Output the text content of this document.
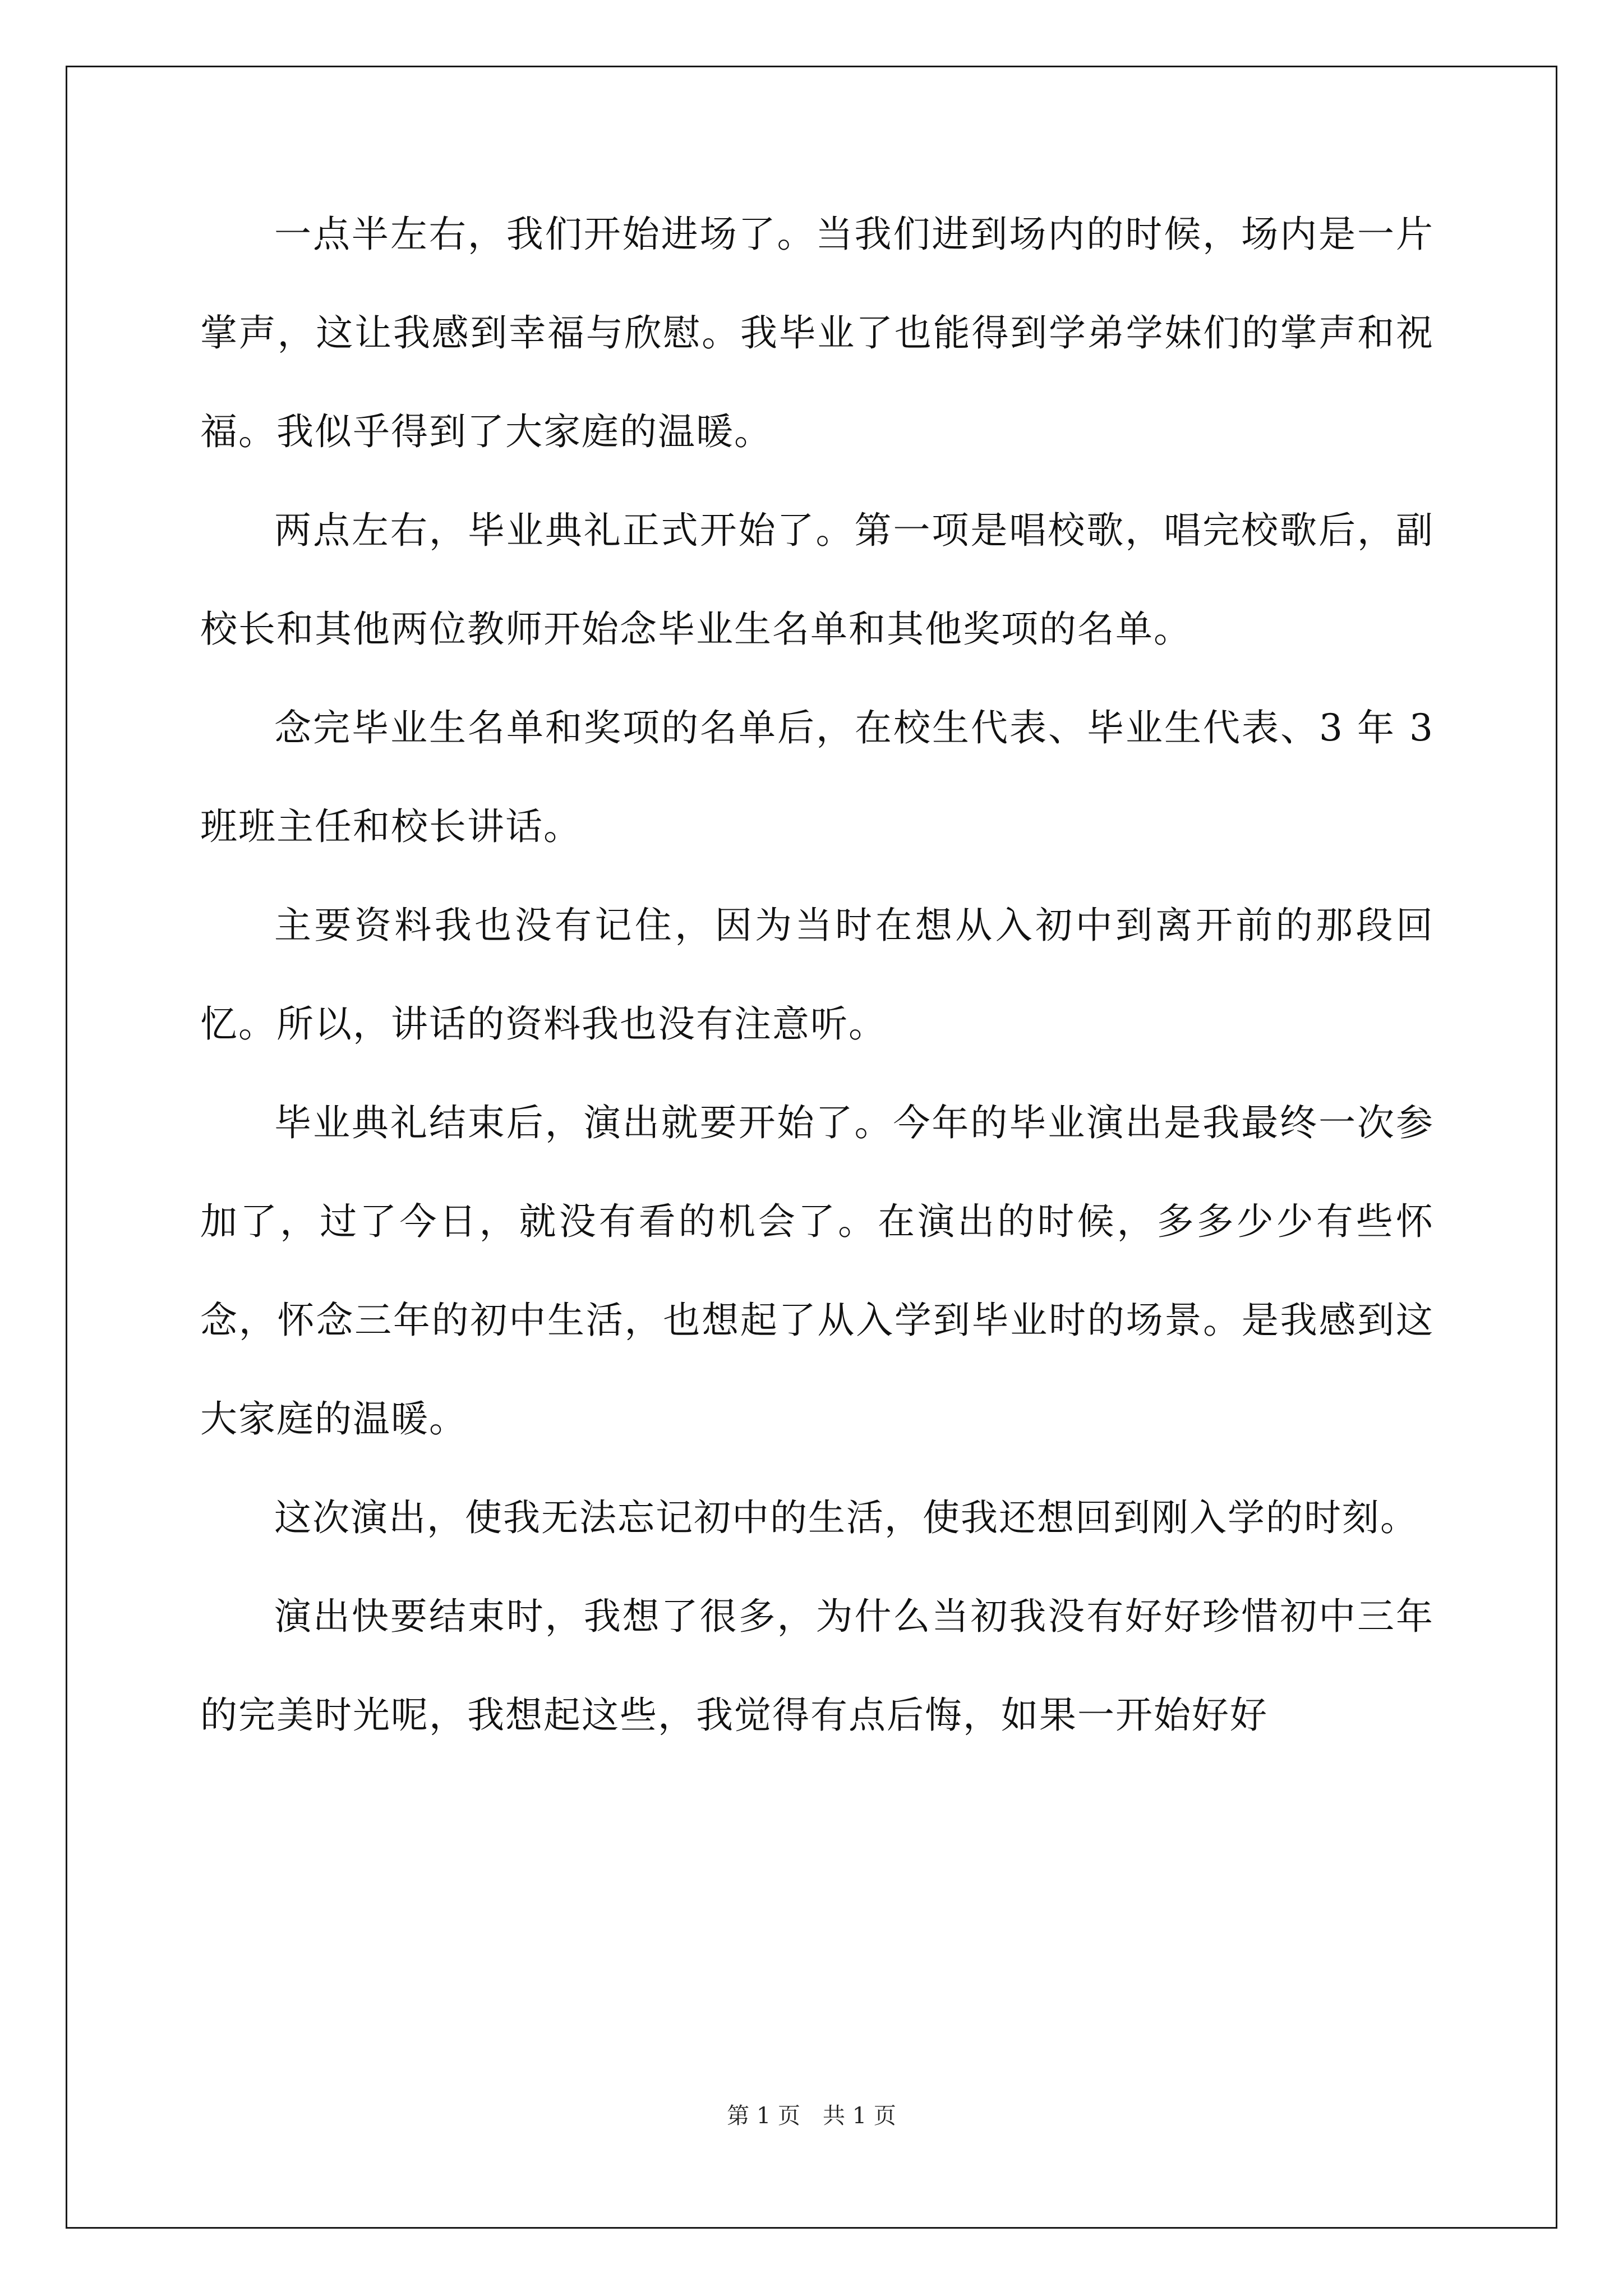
一点半左右，我们开始进场了。当我们进到场内的时候，场内是一片掌声，这让我感到幸福与欣慰。我毕业了也能得到学弟学妹们的掌声和祝福。我似乎得到了大家庭的温暖。

两点左右，毕业典礼正式开始了。第一项是唱校歌，唱完校歌后，副校长和其他两位教师开始念毕业生名单和其他奖项的名单。

念完毕业生名单和奖项的名单后，在校生代表、毕业生代表、3 年 3 班班主任和校长讲话。

主要资料我也没有记住，因为当时在想从入初中到离开前的那段回忆。所以，讲话的资料我也没有注意听。

毕业典礼结束后，演出就要开始了。今年的毕业演出是我最终一次参加了，过了今日，就没有看的机会了。在演出的时候，多多少少有些怀念，怀念三年的初中生活，也想起了从入学到毕业时的场景。是我感到这大家庭的温暖。

这次演出，使我无法忘记初中的生活，使我还想回到刚入学的时刻。

演出快要结束时，我想了很多，为什么当初我没有好好珍惜初中三年的完美时光呢，我想起这些，我觉得有点后悔，如果一开始好好

第 1 页　共 1 页
